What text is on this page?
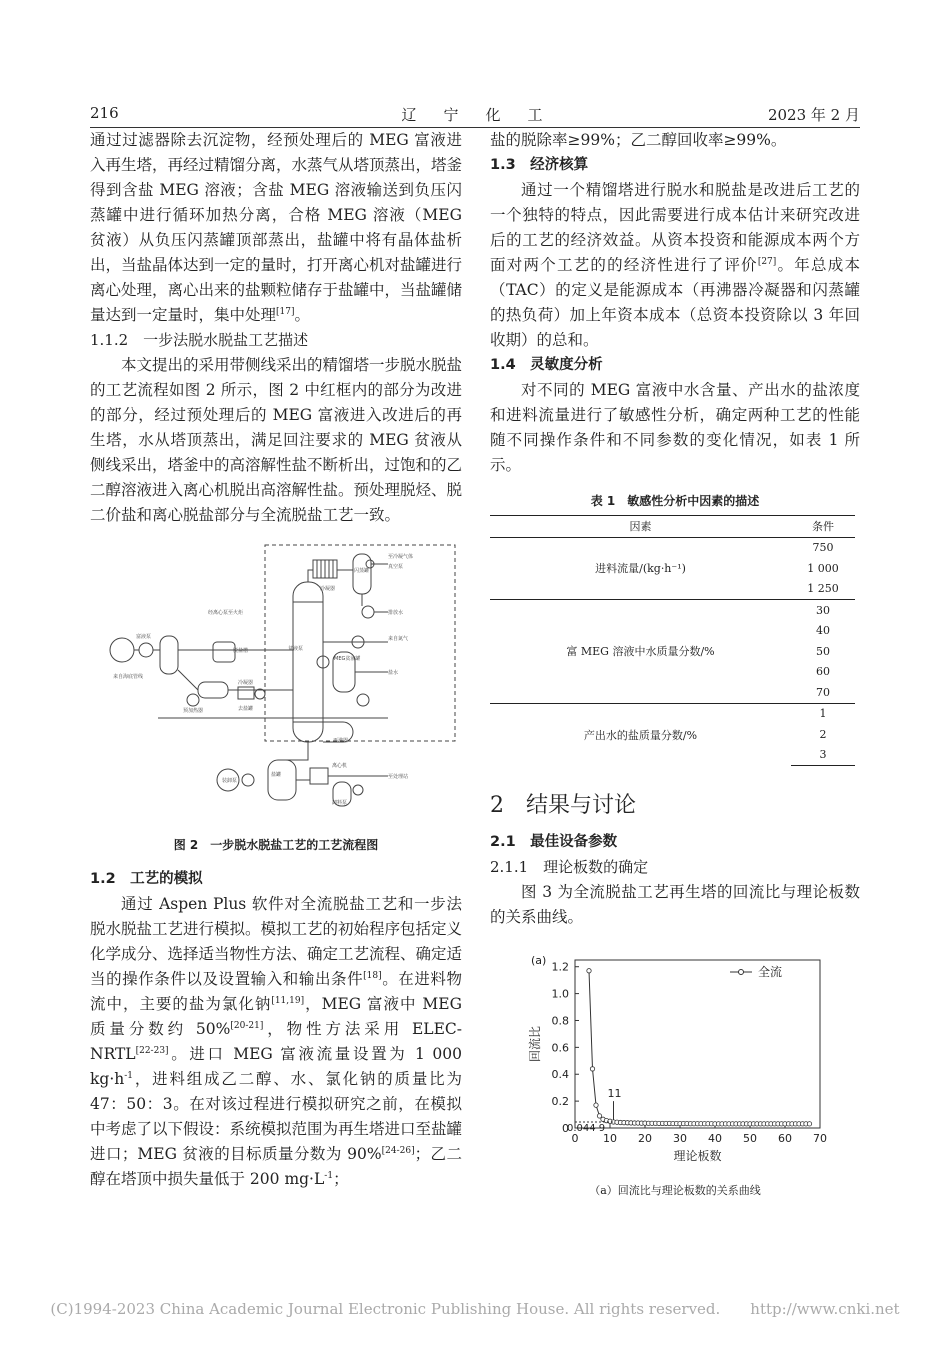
216	辽　宁　化　工	2023 年 2 月

通过过滤器除去沉淀物，经预处理后的 MEG 富液进入再生塔，再经过精馏分离，水蒸气从塔顶蒸出，塔釜得到含盐 MEG 溶液；含盐 MEG 溶液输送到负压闪蒸罐中进行循环加热分离，合格 MEG 溶液（MEG 贫液）从负压闪蒸罐顶部蒸出，盐罐中将有晶体盐析出，当盐晶体达到一定的量时，打开离心机对盐罐进行离心处理，离心出来的盐颗粒储存于盐罐中，当盐罐储量达到一定量时，集中处理[17]。

1.1.2　一步法脱水脱盐工艺描述

本文提出的采用带侧线采出的精馏塔一步脱水脱盐的工艺流程如图 2 所示，图 2 中红框内的部分为改进的部分，经过预处理后的 MEG 富液进入改进后的再生塔，水从塔顶蒸出，满足回注要求的 MEG 贫液从侧线采出，塔釜中的高溶解性盐不断析出，过饱和的乙二醇溶液进入离心机脱出高溶解性盐。预处理脱烃、脱二价盐和离心脱盐部分与全流脱盐工艺一致。

至冷凝气体
真空泵
冷凝器
排放水
来自氮气
闪蒸罐
盐罐
再沸器
经离心泵至火炬
盐水
脱盐槽
MEG贫液罐
贫液泵
至处理站
富液泵
来自海底管线
预加热器
冷凝器
离心机
去盐罐
装卸泵
卸料泵
图 2　一步脱水脱盐工艺的工艺流程图

1.2　工艺的模拟

通过 Aspen Plus 软件对全流脱盐工艺和一步法脱水脱盐工艺进行模拟。模拟工艺的初始程序包括定义化学成分、选择适当物性方法、确定工艺流程、确定适当的操作条件以及设置输入和输出条件[18]。在进料物流中，主要的盐为氯化钠[11,19]，MEG 富液中 MEG 质量分数约 50%[20-21]，物性方法采用 ELEC-NRTL[22-23]。进口 MEG 富液流量设置为 1 000 $kg\cdot h^{-1}$，进料组成乙二醇、水、氯化钠的质量比为 47：50：3。在对该过程进行模拟研究之前，在模拟中考虑了以下假设：系统模拟范围为再生塔进口至盐罐进口；MEG 贫液的目标质量分数为 90%[24-26]；乙二醇在塔顶中损失量低于 200 $mg\cdot L^{-1}$；

盐的脱除率≥99%；乙二醇回收率≥99%。

1.3　经济核算

通过一个精馏塔进行脱水和脱盐是改进后工艺的一个独特的特点，因此需要进行成本估计来研究改进后的工艺的经济效益。从资本投资和能源成本两个方面对两个工艺的的经济性进行了评价[27]。年总成本（TAC）的定义是能源成本（再沸器冷凝器和闪蒸罐的热负荷）加上年资本成本（总资本投资除以 3 年回收期）的总和。

1.4　灵敏度分析

对不同的 MEG 富液中水含量、产出水的盐浓度和进料流量进行了敏感性分析，确定两种工艺的性能随不同操作条件和不同参数的变化情况，如表 1 所示。

表 1　敏感性分析中因素的描述
因素	条件
进料流量/(kg·h⁻¹)	750
	1 000
	1 250
富 MEG 溶液中水质量分数/%	30
	40
	50
	60
	70
产出水的盐质量分数/%	1
	2
	3

2　结果与讨论

2.1　最佳设备参数

2.1.1　理论板数的确定

图 3 为全流脱盐工艺再生塔的回流比与理论板数的关系曲线。

0 10 20 30 40 50 60 70
0
0.2
0.4
0.6
0.8
1.0
1.2
理论板数
回流比
(a)
全流
11
0.044 9
（a）回流比与理论板数的关系曲线
(C)1994-2023 China Academic Journal Electronic Publishing House. All rights reserved.　　http://www.cnki.net
